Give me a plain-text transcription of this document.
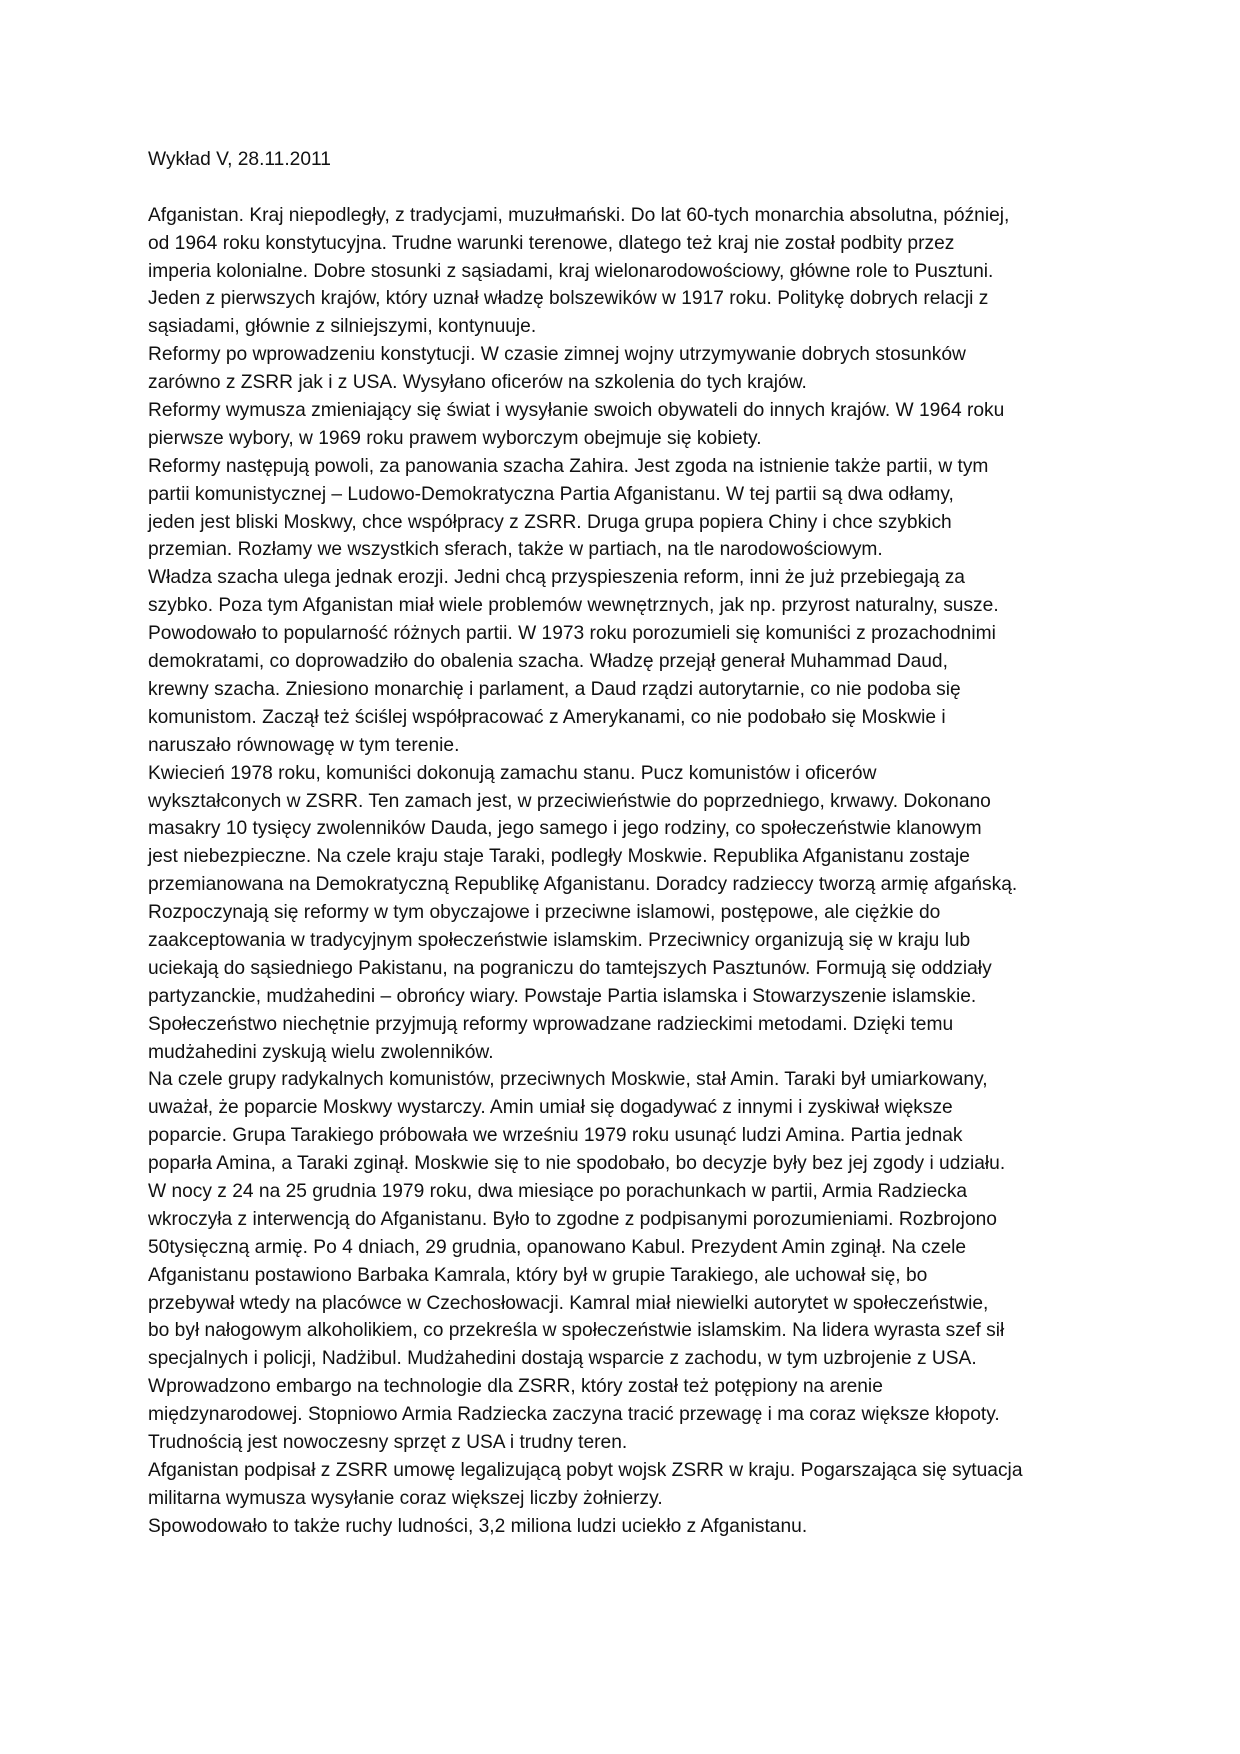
Wykład V, 28.11.2011
Afganistan. Kraj niepodległy, z tradycjami, muzułmański. Do lat 60-tych monarchia absolutna, później,
od 1964 roku konstytucyjna. Trudne warunki terenowe, dlatego też kraj nie został podbity przez
imperia kolonialne. Dobre stosunki z sąsiadami, kraj wielonarodowościowy, główne role to Pusztuni.
Jeden z pierwszych krajów, który uznał władzę bolszewików w 1917 roku. Politykę dobrych relacji z
sąsiadami, głównie z silniejszymi, kontynuuje.
Reformy po wprowadzeniu konstytucji. W czasie zimnej wojny utrzymywanie dobrych stosunków
zarówno z ZSRR jak i z USA. Wysyłano oficerów na szkolenia do tych krajów.
Reformy wymusza zmieniający się świat i wysyłanie swoich obywateli do innych krajów. W 1964 roku
pierwsze wybory, w 1969 roku prawem wyborczym obejmuje się kobiety.
Reformy następują powoli, za panowania szacha Zahira. Jest zgoda na istnienie także partii, w tym
partii komunistycznej – Ludowo-Demokratyczna Partia Afganistanu. W tej partii są dwa odłamy,
jeden jest bliski Moskwy, chce współpracy z ZSRR. Druga grupa popiera Chiny i chce szybkich
przemian. Rozłamy we wszystkich sferach, także w partiach, na tle narodowościowym.
Władza szacha ulega jednak erozji. Jedni chcą przyspieszenia reform, inni że już przebiegają za
szybko. Poza tym Afganistan miał wiele problemów wewnętrznych, jak np. przyrost naturalny, susze.
Powodowało to popularność różnych partii. W 1973 roku porozumieli się komuniści z prozachodnimi
demokratami, co doprowadziło do obalenia szacha. Władzę przejął generał Muhammad Daud,
krewny szacha. Zniesiono monarchię i parlament, a Daud rządzi autorytarnie, co nie podoba się
komunistom. Zaczął też ściślej współpracować z Amerykanami, co nie podobało się Moskwie i
naruszało równowagę w tym terenie.
Kwiecień 1978 roku, komuniści dokonują zamachu stanu. Pucz komunistów i oficerów
wykształconych w ZSRR. Ten zamach jest, w przeciwieństwie do poprzedniego, krwawy. Dokonano
masakry 10 tysięcy zwolenników Dauda, jego samego i jego rodziny, co społeczeństwie klanowym
jest niebezpieczne. Na czele kraju staje Taraki, podległy Moskwie. Republika Afganistanu zostaje
przemianowana na Demokratyczną Republikę Afganistanu. Doradcy radzieccy tworzą armię afgańską.
Rozpoczynają się reformy w tym obyczajowe i przeciwne islamowi, postępowe, ale ciężkie do
zaakceptowania w tradycyjnym społeczeństwie islamskim. Przeciwnicy organizują się w kraju lub
uciekają do sąsiedniego Pakistanu, na pograniczu do tamtejszych Pasztunów. Formują się oddziały
partyzanckie, mudżahedini – obrońcy wiary. Powstaje Partia islamska i Stowarzyszenie islamskie.
Społeczeństwo niechętnie przyjmują reformy wprowadzane radzieckimi metodami. Dzięki temu
mudżahedini zyskują wielu zwolenników.
Na czele grupy radykalnych komunistów, przeciwnych Moskwie, stał Amin. Taraki był umiarkowany,
uważał, że poparcie Moskwy wystarczy. Amin umiał się dogadywać z innymi i zyskiwał większe
poparcie. Grupa Tarakiego próbowała we wrześniu 1979 roku usunąć ludzi Amina. Partia jednak
poparła Amina, a Taraki zginął. Moskwie się to nie spodobało, bo decyzje były bez jej zgody i udziału.
W nocy z 24 na 25 grudnia 1979 roku, dwa miesiące po porachunkach w partii, Armia Radziecka
wkroczyła z interwencją do Afganistanu. Było to zgodne z podpisanymi porozumieniami. Rozbrojono
50tysięczną armię. Po 4 dniach, 29 grudnia, opanowano Kabul. Prezydent Amin zginął. Na czele
Afganistanu postawiono Barbaka Kamrala, który był w grupie Tarakiego, ale uchował się, bo
przebywał wtedy na placówce w Czechosłowacji. Kamral miał niewielki autorytet w społeczeństwie,
bo był nałogowym alkoholikiem, co przekreśla w społeczeństwie islamskim. Na lidera wyrasta szef sił
specjalnych i policji, Nadżibul. Mudżahedini dostają wsparcie z zachodu, w tym uzbrojenie z USA.
Wprowadzono embargo na technologie dla ZSRR, który został też potępiony na arenie
międzynarodowej. Stopniowo Armia Radziecka zaczyna tracić przewagę i ma coraz większe kłopoty.
Trudnością jest nowoczesny sprzęt z USA i trudny teren.
Afganistan podpisał z ZSRR umowę legalizującą pobyt wojsk ZSRR w kraju. Pogarszająca się sytuacja
militarna wymusza wysyłanie coraz większej liczby żołnierzy.
Spowodowało to także ruchy ludności, 3,2 miliona ludzi uciekło z Afganistanu.
